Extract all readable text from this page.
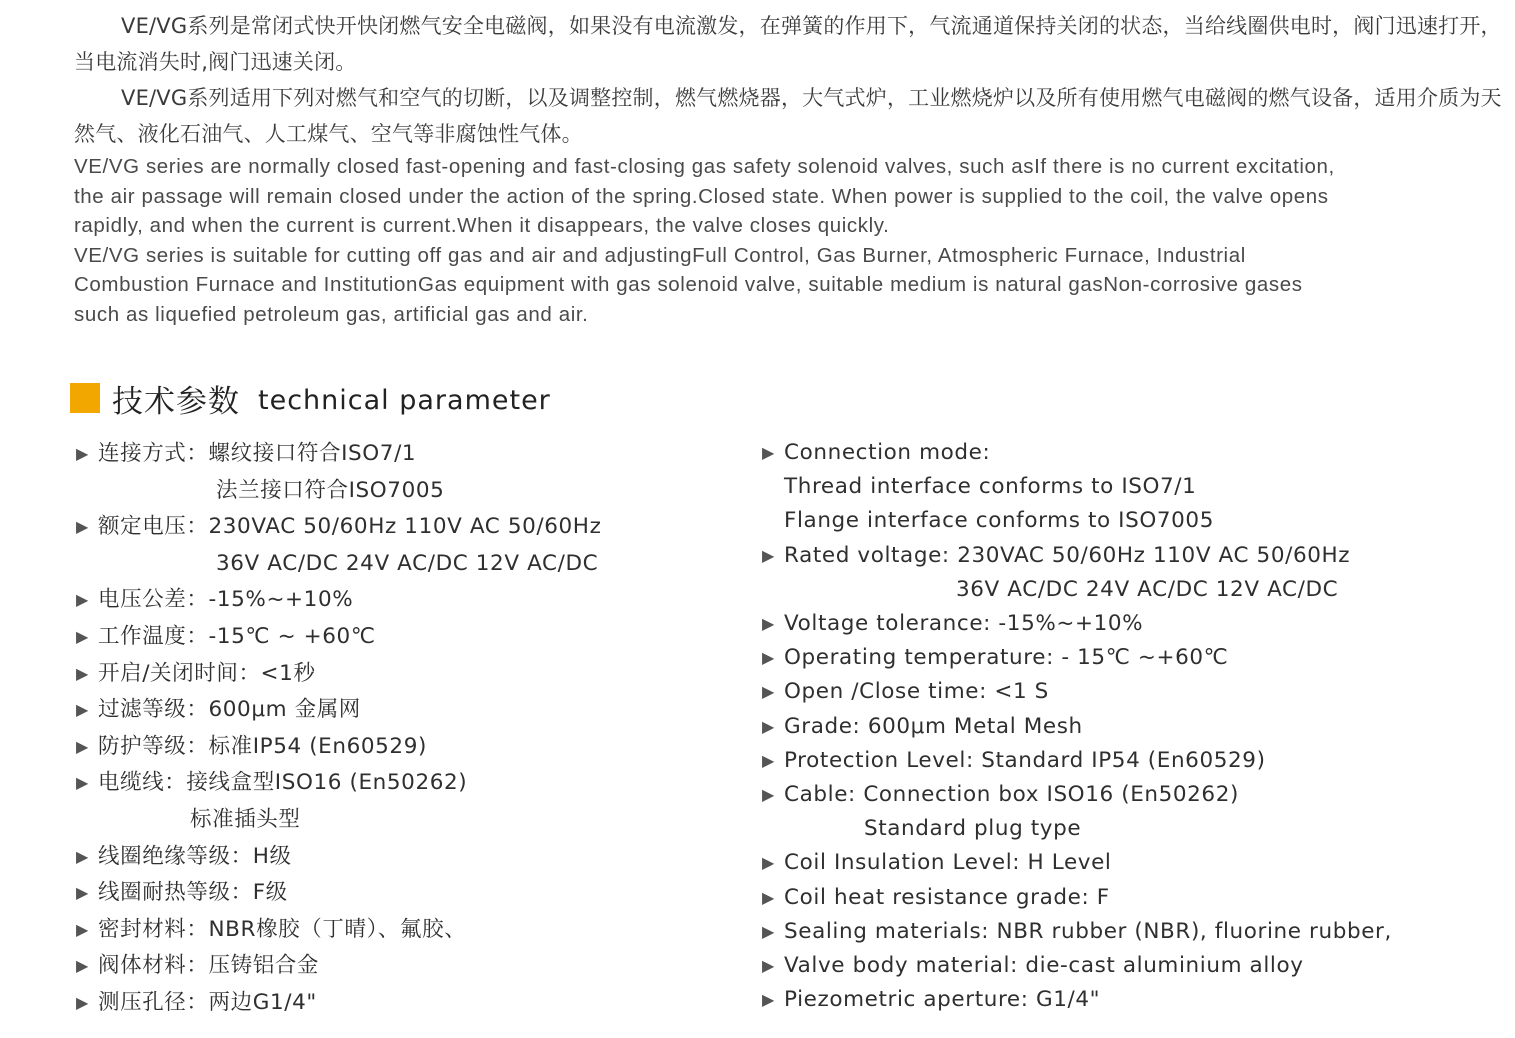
VE/VG系列是常闭式快开快闭燃气安全电磁阀，如果没有电流激发，在弹簧的作用下，气流通道保持关闭的状态，当给线圈供电时，阀门迅速打开，当电流消失时,阀门迅速关闭。

VE/VG系列适用下列对燃气和空气的切断，以及调整控制，燃气燃烧器，大气式炉，工业燃烧炉以及所有使用燃气电磁阀的燃气设备，适用介质为天然气、液化石油气、人工煤气、空气等非腐蚀性气体。

VE/VG series are normally closed fast-opening and fast-closing gas safety solenoid valves, such asIf there is no current excitation,
the air passage will remain closed under the action of the spring.Closed state. When power is supplied to the coil, the valve opens
rapidly, and when the current is current.When it disappears, the valve closes quickly.

VE/VG series is suitable for cutting off gas and air and adjustingFull Control, Gas Burner, Atmospheric Furnace, Industrial
Combustion Furnace and InstitutionGas equipment with gas solenoid valve, suitable medium is natural gasNon-corrosive gases
such as liquefied petroleum gas, artificial gas and air.

技术参数 technical parameter
▶ 连接方式：螺纹接口符合ISO7/1
法兰接口符合ISO7005
▶ 额定电压：230VAC 50/60Hz 110V AC 50/60Hz
36V AC/DC 24V AC/DC 12V AC/DC
▶ 电压公差：-15%~+10%
▶ 工作温度：-15℃ ~ +60℃
▶ 开启/关闭时间：<1秒
▶ 过滤等级：600μm 金属网
▶ 防护等级：标准IP54 (En60529)
▶ 电缆线：接线盒型ISO16 (En50262)
标准插头型
▶ 线圈绝缘等级：H级
▶ 线圈耐热等级：F级
▶ 密封材料：NBR橡胶（丁晴）、氟胶、
▶ 阀体材料：压铸铝合金
▶ 测压孔径：两边G1/4"
▶ Connection mode:
Thread interface conforms to ISO7/1
Flange interface conforms to ISO7005
▶ Rated voltage: 230VAC 50/60Hz 110V AC 50/60Hz
36V AC/DC 24V AC/DC 12V AC/DC
▶ Voltage tolerance: -15%~+10%
▶ Operating temperature: - 15℃ ~+60℃
▶ Open /Close time: <1 S
▶ Grade: 600μm Metal Mesh
▶ Protection Level: Standard IP54 (En60529)
▶ Cable: Connection box ISO16 (En50262)
Standard plug type
▶ Coil Insulation Level: H Level
▶ Coil heat resistance grade: F
▶ Sealing materials: NBR rubber (NBR), fluorine rubber,
▶ Valve body material: die-cast aluminium alloy
▶ Piezometric aperture: G1/4"
